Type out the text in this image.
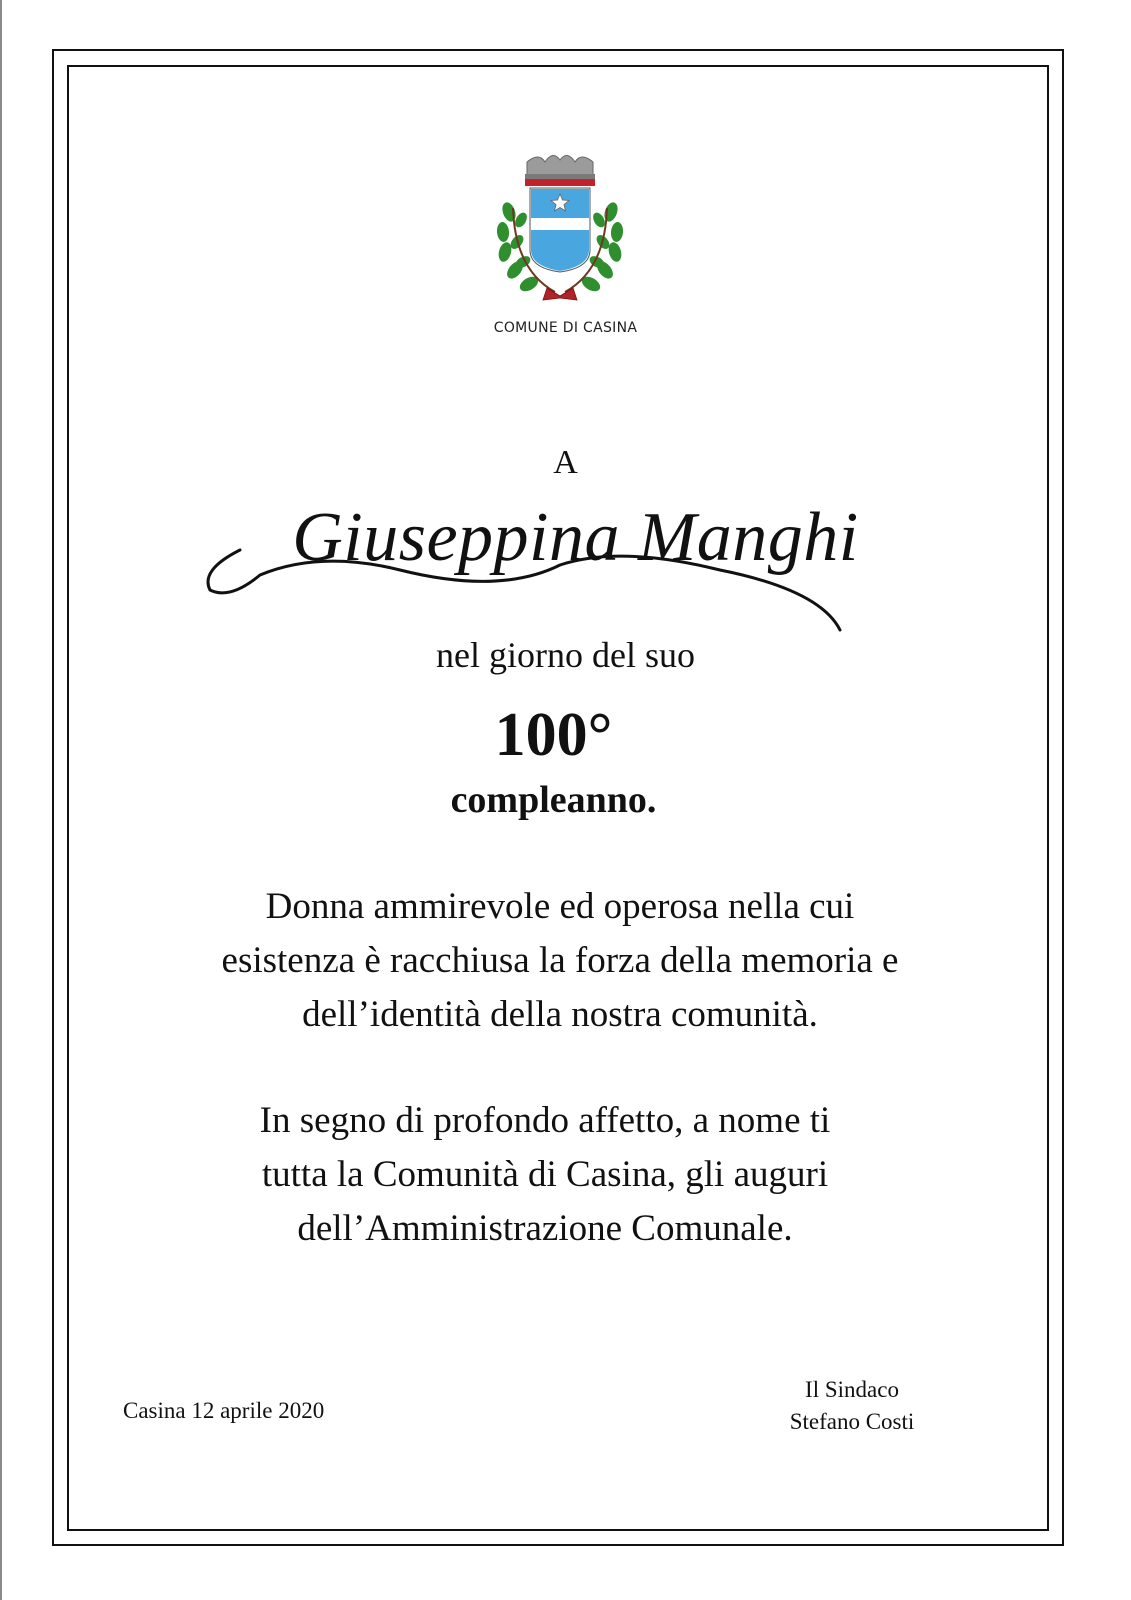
COMUNE DI CASINA
A
Giuseppina Manghi
nel giorno del suo
100°
compleanno.
Donna ammirevole ed operosa nella cui
esistenza è racchiusa la forza della memoria e
dell’identità della nostra comunità.
In segno di profondo affetto, a nome ti
tutta la Comunità di Casina, gli auguri
dell’Amministrazione Comunale.
Casina 12 aprile 2020
Il Sindaco
Stefano Costi
